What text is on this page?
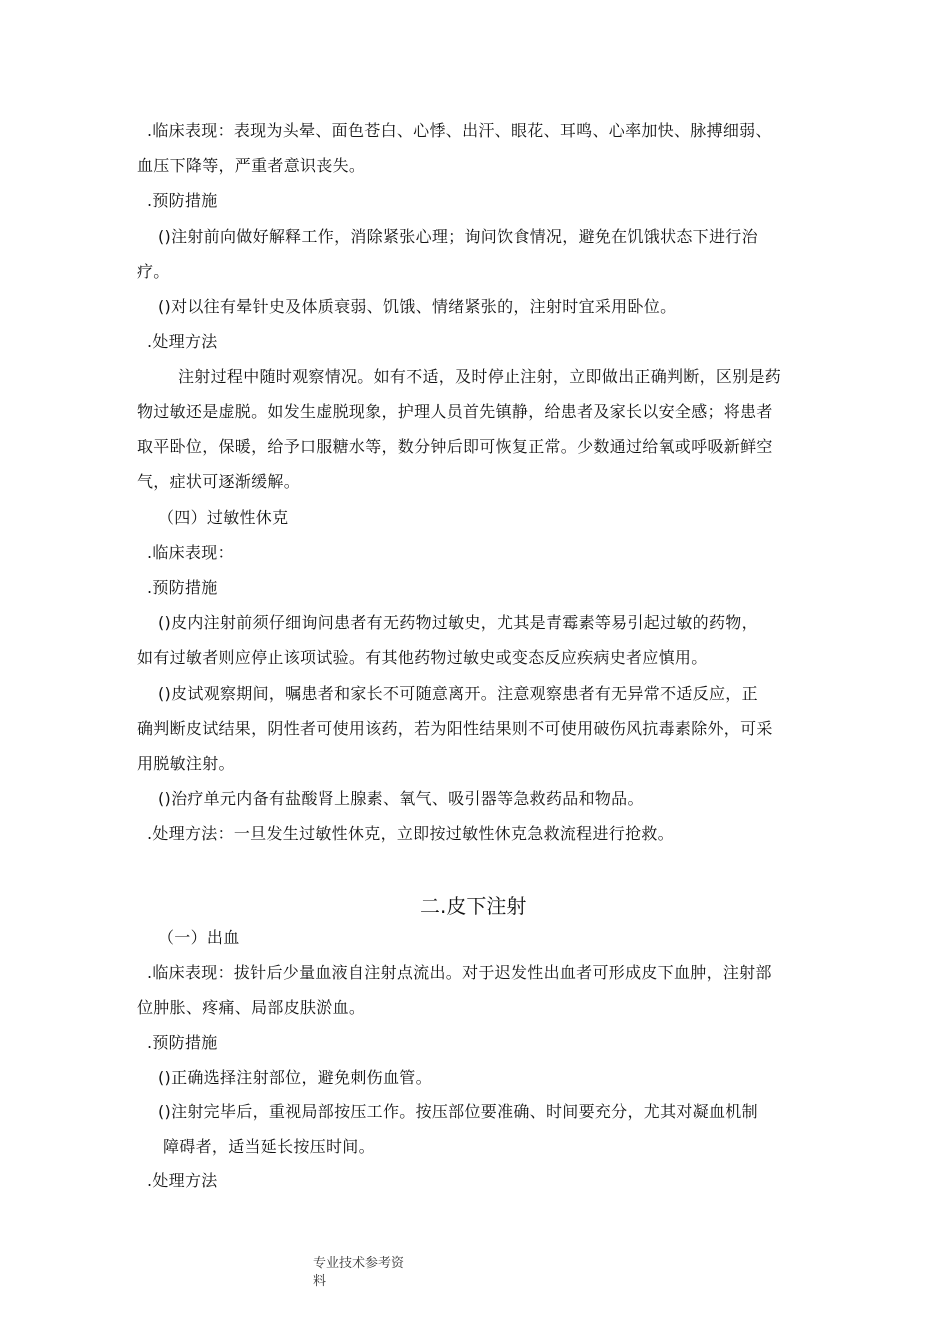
.临床表现：表现为头晕、面色苍白、心悸、出汗、眼花、耳鸣、心率加快、脉搏细弱、
血压下降等，严重者意识丧失。
.预防措施
()注射前向做好解释工作，消除紧张心理；询问饮食情况，避免在饥饿状态下进行治
疗。
()对以往有晕针史及体质衰弱、饥饿、情绪紧张的，注射时宜采用卧位。
.处理方法
注射过程中随时观察情况。如有不适，及时停止注射，立即做出正确判断，区别是药
物过敏还是虚脱。如发生虚脱现象，护理人员首先镇静，给患者及家长以安全感；将患者
取平卧位，保暖，给予口服糖水等，数分钟后即可恢复正常。少数通过给氧或呼吸新鲜空
气，症状可逐渐缓解。
（四）过敏性休克
.临床表现：
.预防措施
()皮内注射前须仔细询问患者有无药物过敏史，尤其是青霉素等易引起过敏的药物，
如有过敏者则应停止该项试验。有其他药物过敏史或变态反应疾病史者应慎用。
()皮试观察期间，嘱患者和家长不可随意离开。注意观察患者有无异常不适反应，正
确判断皮试结果，阴性者可使用该药，若为阳性结果则不可使用破伤风抗毒素除外，可采
用脱敏注射。
()治疗单元内备有盐酸肾上腺素、氧气、吸引器等急救药品和物品。
.处理方法：一旦发生过敏性休克，立即按过敏性休克急救流程进行抢救。
二.皮下注射
（一）出血
.临床表现：拔针后少量血液自注射点流出。对于迟发性出血者可形成皮下血肿，注射部
位肿胀、疼痛、局部皮肤淤血。
.预防措施
()正确选择注射部位，避免刺伤血管。
()注射完毕后，重视局部按压工作。按压部位要准确、时间要充分，尤其对凝血机制
障碍者，适当延长按压时间。
.处理方法
专业技术参考资
料
